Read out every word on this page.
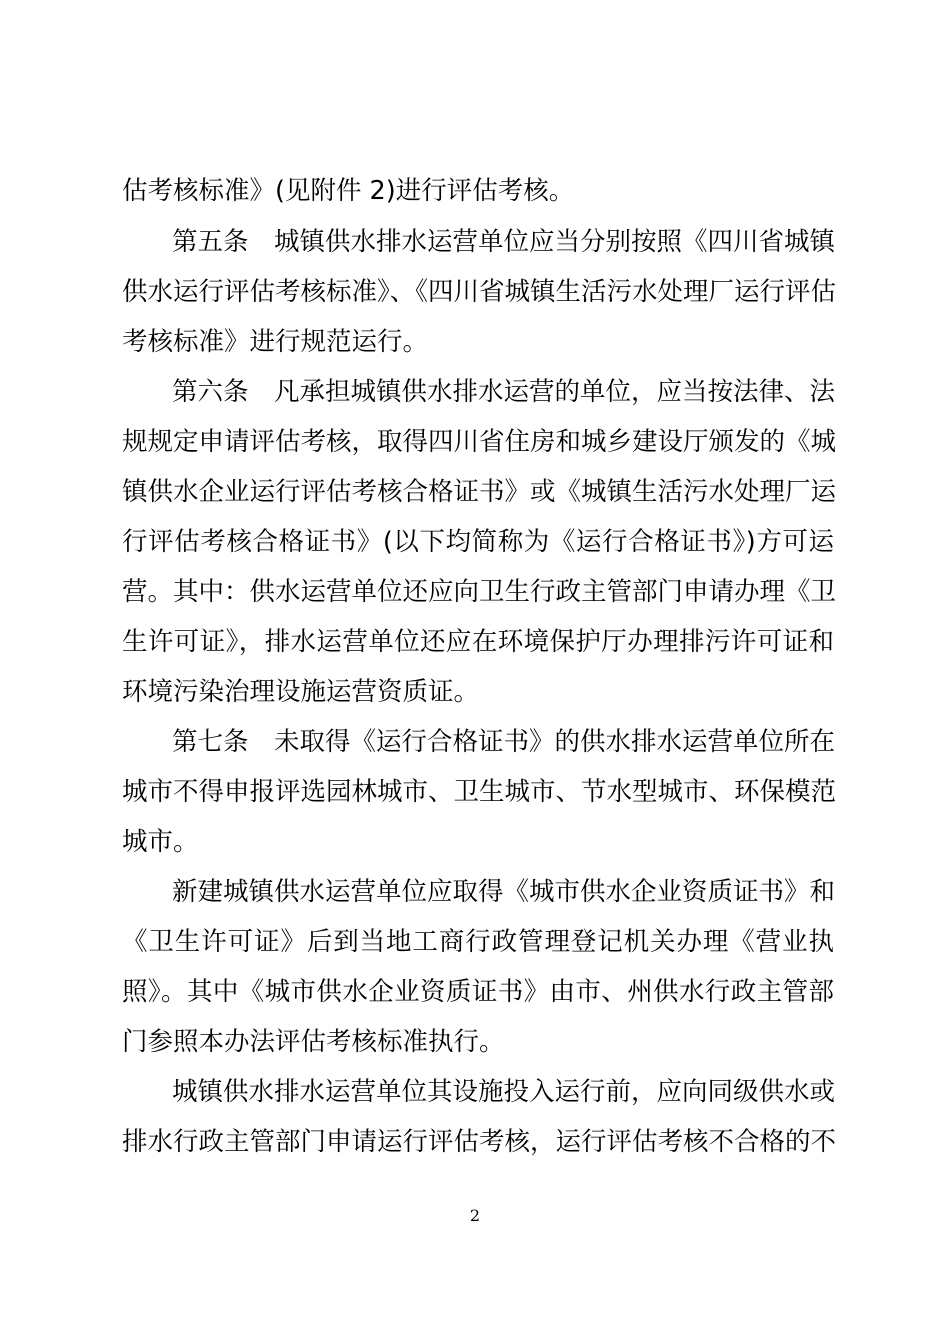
估考核标准》(见附件 2)进行评估考核。
第五条　城镇供水排水运营单位应当分别按照《四川省城镇
供水运行评估考核标准》、《四川省城镇生活污水处理厂运行评估
考核标准》进行规范运行。
第六条　凡承担城镇供水排水运营的单位，应当按法律、法
规规定申请评估考核，取得四川省住房和城乡建设厅颁发的《城
镇供水企业运行评估考核合格证书》或《城镇生活污水处理厂运
行评估考核合格证书》(以下均简称为《运行合格证书》)方可运
营。其中：供水运营单位还应向卫生行政主管部门申请办理《卫
生许可证》，排水运营单位还应在环境保护厅办理排污许可证和
环境污染治理设施运营资质证。
第七条　未取得《运行合格证书》的供水排水运营单位所在
城市不得申报评选园林城市、卫生城市、节水型城市、环保模范
城市。
新建城镇供水运营单位应取得《城市供水企业资质证书》和
《卫生许可证》后到当地工商行政管理登记机关办理《营业执
照》。其中《城市供水企业资质证书》由市、州供水行政主管部
门参照本办法评估考核标准执行。
城镇供水排水运营单位其设施投入运行前，应向同级供水或
排水行政主管部门申请运行评估考核，运行评估考核不合格的不
2
